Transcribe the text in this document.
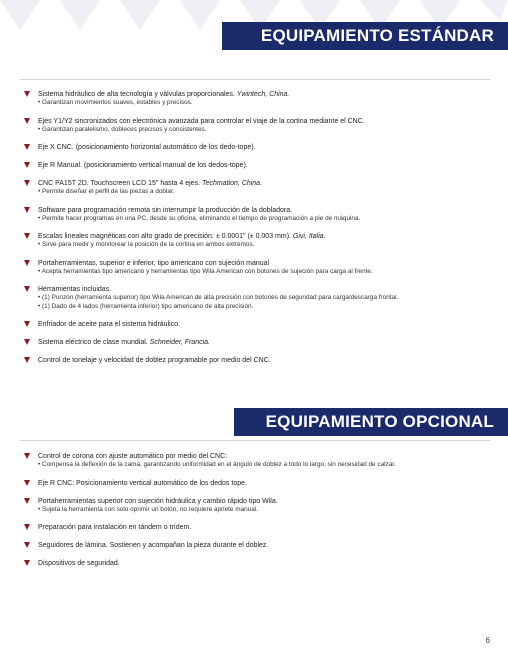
EQUIPAMIENTO ESTÁNDAR
Sistema hidráulico de alta tecnología y válvulas proporcionales. Ywintech, China.
• Garantizan movimientos suaves, estables y precisos.
Ejes Y1/Y2 sincronizados con electrónica avanzada para controlar el viaje de la cortina mediante el CNC.
• Garantizan paralelismo, dobleces precisos y consistentes.
Eje X CNC. (posicionamiento horizontal automático de los dedo-tope).
Eje R Manual. (posicionamiento vertical manual de los dedos-tope).
CNC PA15T 2D. Touchscreen LCD 15" hasta 4 ejes. Techmation, China.
• Permite diseñar el perfil de las piezas a doblar.
Software para programación remota sin interrumpir la producción de la dobladora.
• Permite hacer programas en una PC, desde su oficina, eliminando el tiempo de programación a pie de máquina.
Escalas lineales magnéticas con alto grado de precisión: ± 0.0001" (± 0.003 mm). Givi, Italia.
• Sirve para medir y monitorear la posición de la cortina en ambos extremos.
Portaherramientas, superior e inferior, tipo americano con sujeción manual
• Acepta herramientas tipo americano y herramientas tipo Wila American con botones de sujeción para carga al frente.
Herramientas incluidas.
• (1) Punzón (herramienta superior) tipo Wila American de alta precisión con botones de seguridad para carga/descarga frontal.
• (1) Dado de 4 lados (herramienta inferior) tipo americano de alta precisión.
Enfriador de aceite para el sistema hidráulico.
Sistema eléctrico de clase mundial. Schneider, Francia.
Control de tonelaje y velocidad de doblez programable por medio del CNC.
EQUIPAMIENTO OPCIONAL
Control de corona con ajuste automático por medio del CNC:
• Compensa la deflexión de la cama, garantizando uniformidad en el ángulo de doblez a todo lo largo, sin necesidad de calzar.
Eje R CNC: Posicionamiento vertical automático de los dedos tope.
Portaherramientas superior con sujeción hidráulica y cambio rápido tipo Wila.
• Sujeta la herramienta con solo oprimir un botón, no requiere apriete manual.
Preparación para instalación en tándem o trídem.
Seguidores de lámina. Sostienen y acompañan la pieza durante el doblez.
Dispositivos de seguridad.
6
